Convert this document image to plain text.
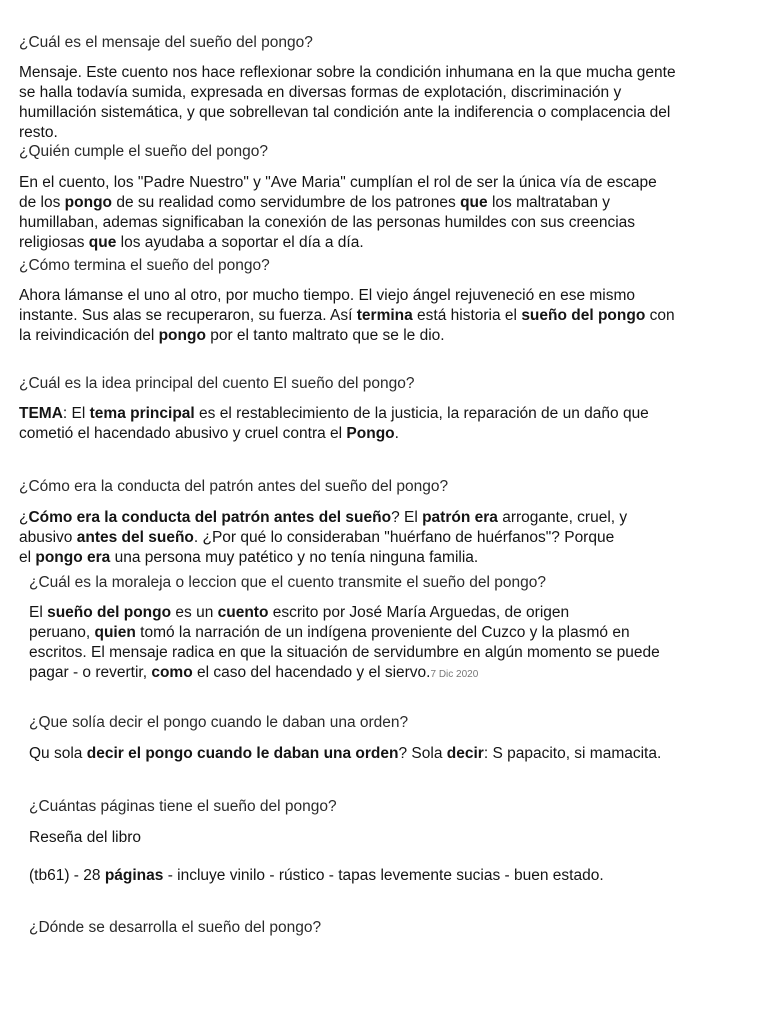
¿Cuál es el mensaje del sueño del pongo?

Mensaje. Este cuento nos hace reflexionar sobre la condición inhumana en la que mucha gente
se halla todavía sumida, expresada en diversas formas de explotación, discriminación y
humillación sistemática, y que sobrellevan tal condición ante la indiferencia o complacencia del
resto.

¿Quién cumple el sueño del pongo?

En el cuento, los "Padre Nuestro" y "Ave Maria" cumplían el rol de ser la única vía de escape
de los pongo de su realidad como servidumbre de los patrones que los maltrataban y
humillaban, ademas significaban la conexión de las personas humildes con sus creencias
religiosas que los ayudaba a soportar el día a día.

¿Cómo termina el sueño del pongo?

Ahora lámanse el uno al otro, por mucho tiempo. El viejo ángel rejuveneció en ese mismo
instante. Sus alas se recuperaron, su fuerza. Así termina está historia el sueño del pongo con
la reivindicación del pongo por el tanto maltrato que se le dio.

¿Cuál es la idea principal del cuento El sueño del pongo?

TEMA: El tema principal es el restablecimiento de la justicia, la reparación de un daño que
cometió el hacendado abusivo y cruel contra el Pongo.

¿Cómo era la conducta del patrón antes del sueño del pongo?

¿Cómo era la conducta del patrón antes del sueño? El patrón era arrogante, cruel, y
abusivo antes del sueño. ¿Por qué lo consideraban "huérfano de huérfanos"? Porque
el pongo era una persona muy patético y no tenía ninguna familia.

¿Cuál es la moraleja o leccion que el cuento transmite el sueño del pongo?

El sueño del pongo es un cuento escrito por José María Arguedas, de origen
peruano, quien tomó la narración de un indígena proveniente del Cuzco y la plasmó en
escritos. El mensaje radica en que la situación de servidumbre en algún momento se puede
pagar - o revertir, como el caso del hacendado y el siervo.7 Dic 2020

¿Que solía decir el pongo cuando le daban una orden?

Qu sola decir el pongo cuando le daban una orden? Sola decir: S papacito, si mamacita.

¿Cuántas páginas tiene el sueño del pongo?

Reseña del libro
(tb61) - 28 páginas - incluye vinilo - rústico - tapas levemente sucias - buen estado.

¿Dónde se desarrolla el sueño del pongo?
